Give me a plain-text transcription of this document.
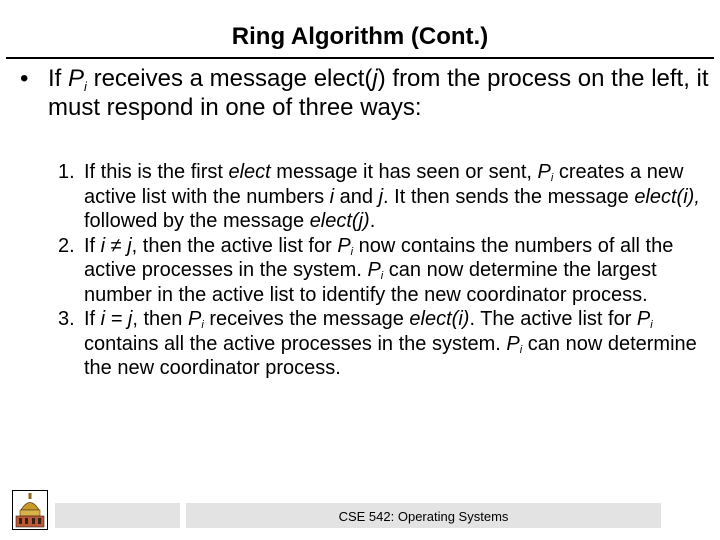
Ring Algorithm (Cont.)
• If $P_i$ receives a message elect(j) from the process on the left, it must respond in one of three ways:
1. If this is the first elect message it has seen or sent, $P_i$ creates a new active list with the numbers i and j. It then sends the message elect(i), followed by the message elect(j).
2. If i ≠ j, then the active list for $P_i$ now contains the numbers of all the active processes in the system. $P_i$ can now determine the largest number in the active list to identify the new coordinator process.
3. If i = j, then $P_i$ receives the message elect(i). The active list for $P_i$ contains all the active processes in the system. $P_i$ can now determine the new coordinator process.
CSE 542: Operating Systems
